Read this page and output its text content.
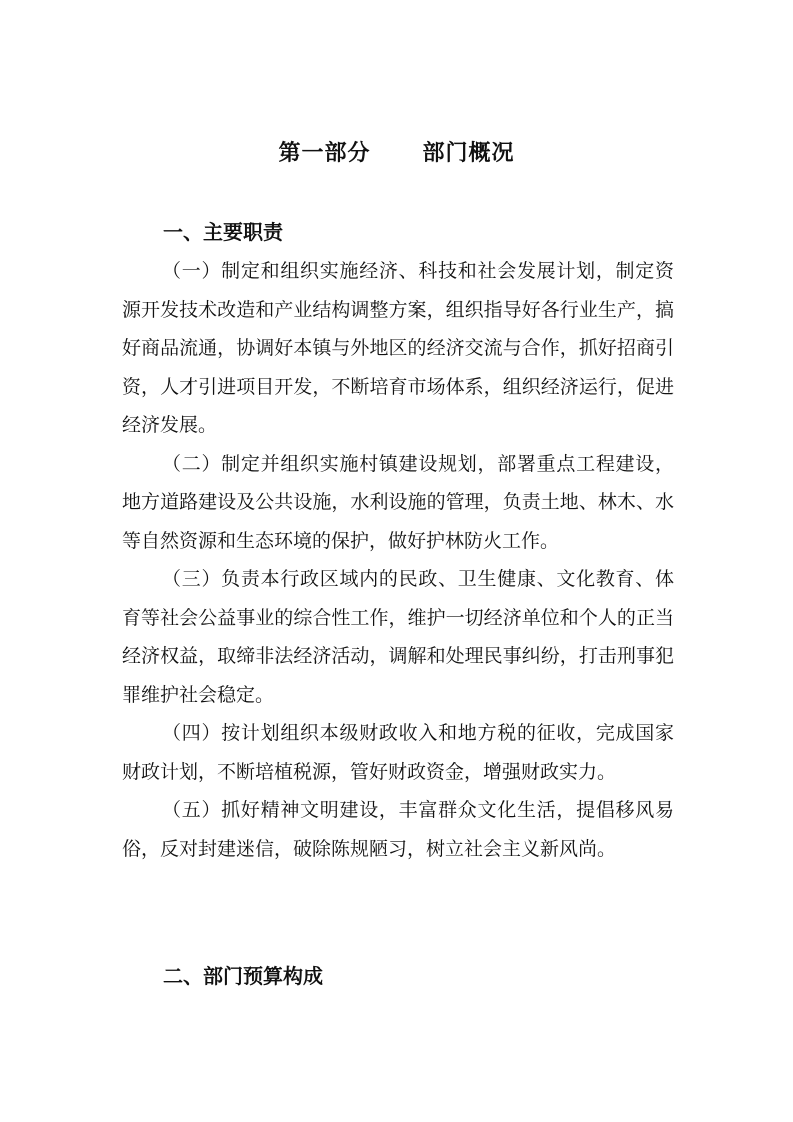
第一部分      部门概况
一、主要职责

（一）制定和组织实施经济、科技和社会发展计划，制定资源开发技术改造和产业结构调整方案，组织指导好各行业生产，搞好商品流通，协调好本镇与外地区的经济交流与合作，抓好招商引资，人才引进项目开发，不断培育市场体系，组织经济运行，促进经济发展。

（二）制定并组织实施村镇建设规划，部署重点工程建设，地方道路建设及公共设施，水利设施的管理，负责土地、林木、水等自然资源和生态环境的保护，做好护林防火工作。

（三）负责本行政区域内的民政、卫生健康、文化教育、体育等社会公益事业的综合性工作，维护一切经济单位和个人的正当经济权益，取缔非法经济活动，调解和处理民事纠纷，打击刑事犯罪维护社会稳定。

（四）按计划组织本级财政收入和地方税的征收，完成国家财政计划，不断培植税源，管好财政资金，增强财政实力。

（五）抓好精神文明建设，丰富群众文化生活，提倡移风易俗，反对封建迷信，破除陈规陋习，树立社会主义新风尚。

二、部门预算构成
